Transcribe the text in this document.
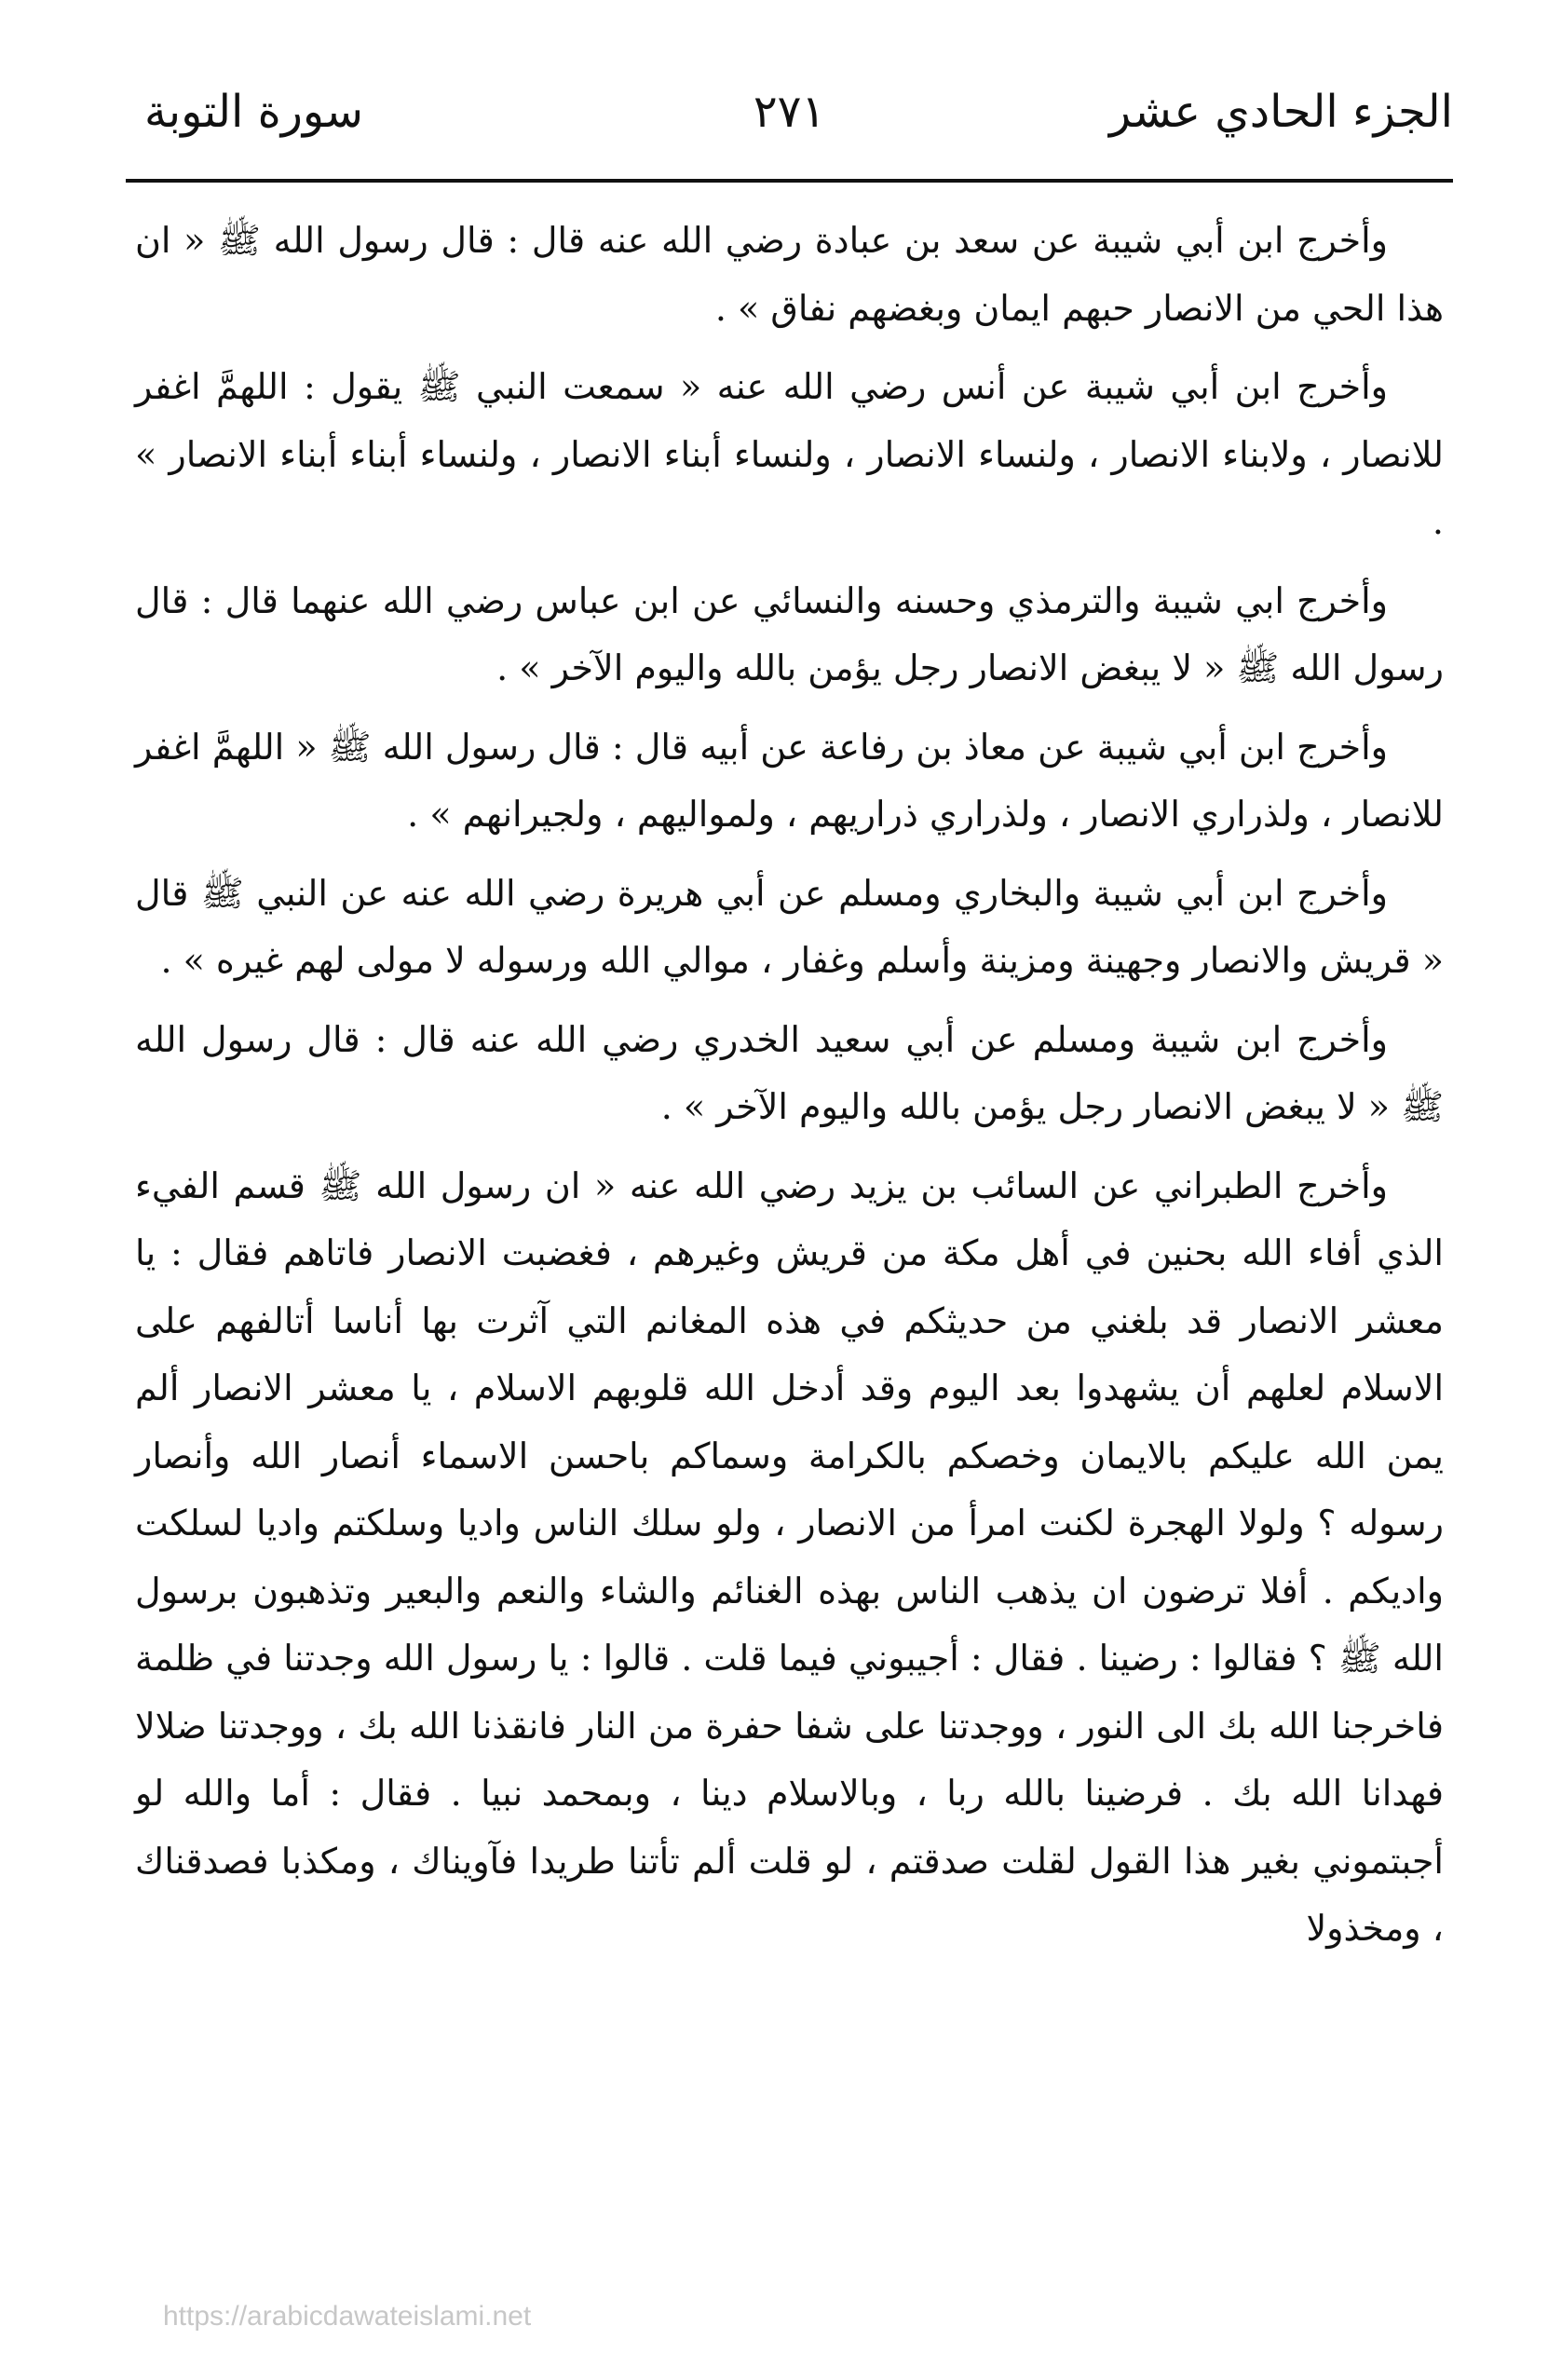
الجزء الحادي عشر
٢٧١
سورة التوبة

وأخرج ابن أبي شيبة عن سعد بن عبادة رضي الله عنه قال : قال رسول الله ﷺ « ان هذا الحي من الانصار حبهم ايمان وبغضهم نفاق » .

وأخرج ابن أبي شيبة عن أنس رضي الله عنه « سمعت النبي ﷺ يقول : اللهمَّ اغفر للانصار ، ولابناء الانصار ، ولنساء الانصار ، ولنساء أبناء الانصار ، ولنساء أبناء أبناء الانصار » .

وأخرج ابي شيبة والترمذي وحسنه والنسائي عن ابن عباس رضي الله عنهما قال : قال رسول الله ﷺ « لا يبغض الانصار رجل يؤمن بالله واليوم الآخر » .

وأخرج ابن أبي شيبة عن معاذ بن رفاعة عن أبيه قال : قال رسول الله ﷺ « اللهمَّ اغفر للانصار ، ولذراري الانصار ، ولذراري ذراريهم ، ولمواليهم ، ولجيرانهم » .

وأخرج ابن أبي شيبة والبخاري ومسلم عن أبي هريرة رضي الله عنه عن النبي ﷺ قال « قريش والانصار وجهينة ومزينة وأسلم وغفار ، موالي الله ورسوله لا مولى لهم غيره » .

وأخرج ابن شيبة ومسلم عن أبي سعيد الخدري رضي الله عنه قال : قال رسول الله ﷺ « لا يبغض الانصار رجل يؤمن بالله واليوم الآخر » .

وأخرج الطبراني عن السائب بن يزيد رضي الله عنه « ان رسول الله ﷺ قسم الفيء الذي أفاء الله بحنين في أهل مكة من قريش وغيرهم ، فغضبت الانصار فاتاهم فقال : يا معشر الانصار قد بلغني من حديثكم في هذه المغانم التي آثرت بها أناسا أتالفهم على الاسلام لعلهم أن يشهدوا بعد اليوم وقد أدخل الله قلوبهم الاسلام ، يا معشر الانصار ألم يمن الله عليكم بالايمان وخصكم بالكرامة وسماكم باحسن الاسماء أنصار الله وأنصار رسوله ؟ ولولا الهجرة لكنت امرأ من الانصار ، ولو سلك الناس واديا وسلكتم واديا لسلكت واديكم . أفلا ترضون ان يذهب الناس بهذه الغنائم والشاء والنعم والبعير وتذهبون برسول الله ﷺ ؟ فقالوا : رضينا . فقال : أجيبوني فيما قلت . قالوا : يا رسول الله وجدتنا في ظلمة فاخرجنا الله بك الى النور ، ووجدتنا على شفا حفرة من النار فانقذنا الله بك ، ووجدتنا ضلالا فهدانا الله بك . فرضينا بالله ربا ، وبالاسلام دينا ، وبمحمد نبيا . فقال : أما والله لو أجبتموني بغير هذا القول لقلت صدقتم ، لو قلت ألم تأتنا طريدا فآويناك ، ومكذبا فصدقناك ، ومخذولا

https://arabicdawateislami.net
